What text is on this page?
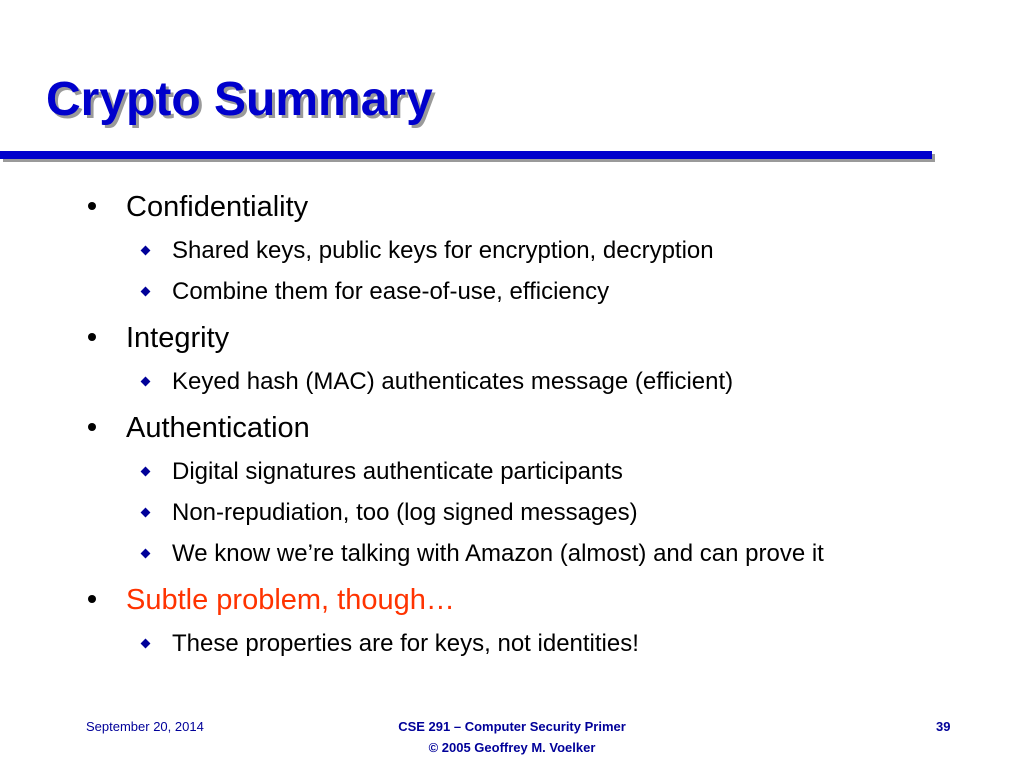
Crypto Summary
Confidentiality
Shared keys, public keys for encryption, decryption
Combine them for ease-of-use, efficiency
Integrity
Keyed hash (MAC) authenticates message (efficient)
Authentication
Digital signatures authenticate participants
Non-repudiation, too (log signed messages)
We know we’re talking with Amazon (almost) and can prove it
Subtle problem, though…
These properties are for keys, not identities!
September 20, 2014	CSE 291 – Computer Security Primer
© 2005 Geoffrey M. Voelker
39
